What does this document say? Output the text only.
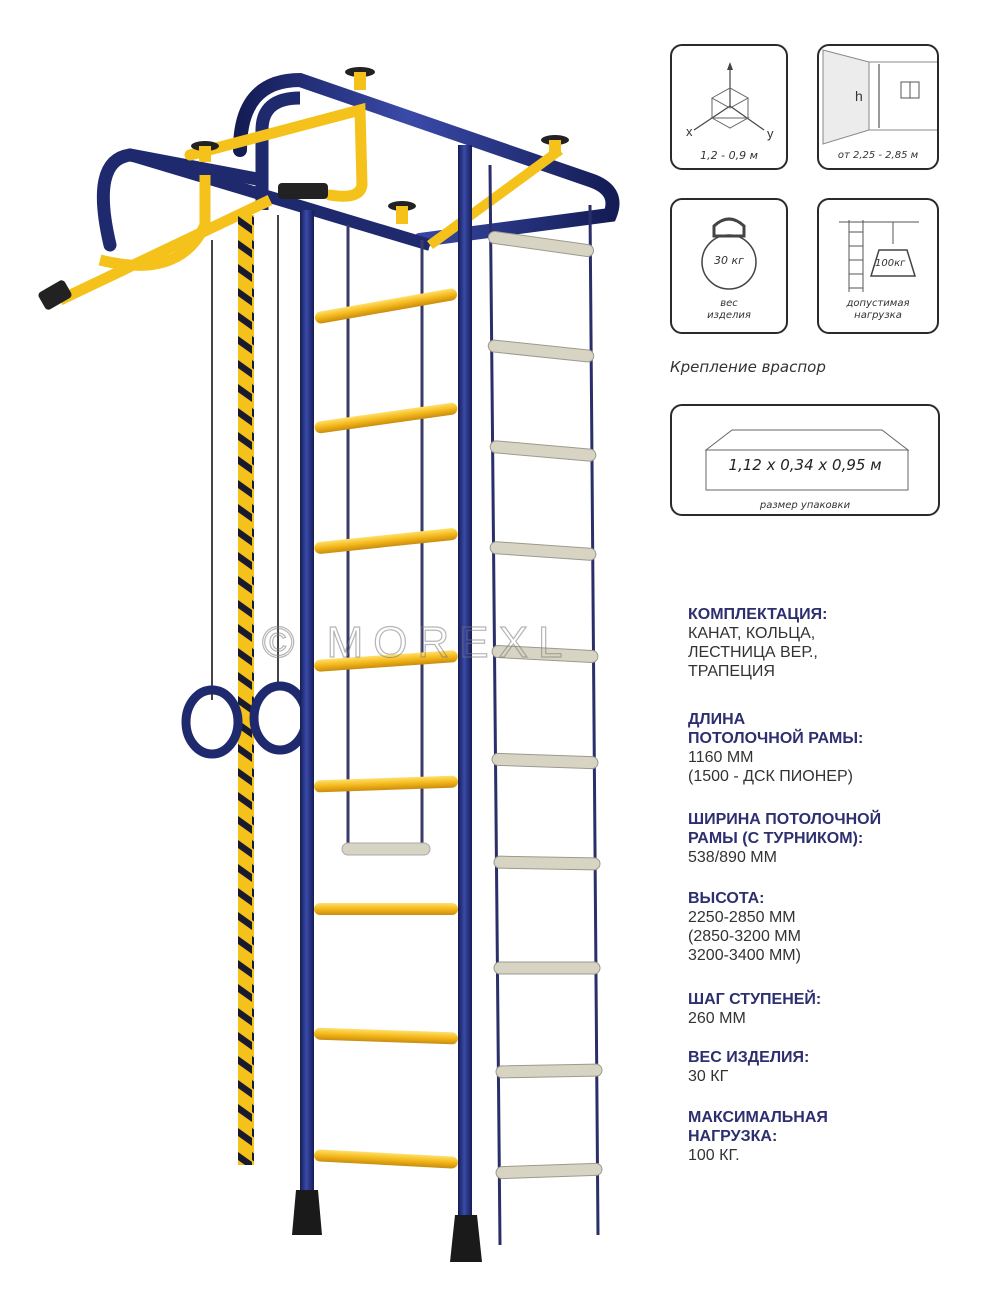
x	y
1,2 - 0,9 м
h
от 2,25 - 2,85 м
30 кг
вес
изделия
100кг
допустимая
нагрузка
Крепление враспор
1,12 х 0,34 х 0,95 м
размер упаковки
КОМПЛЕКТАЦИЯ:
КАНАТ, КОЛЬЦА,
ЛЕСТНИЦА ВЕР.,
ТРАПЕЦИЯ
ДЛИНА
ПОТОЛОЧНОЙ РАМЫ:
1160 ММ
(1500 - ДСК ПИОНЕР)
ШИРИНА ПОТОЛОЧНОЙ
РАМЫ (С ТУРНИКОМ):
538/890 ММ
ВЫСОТА:
2250-2850 ММ
(2850-3200 ММ
3200-3400 ММ)
ШАГ СТУПЕНЕЙ:
260 ММ
ВЕС ИЗДЕЛИЯ:
30 КГ
МАКСИМАЛЬНАЯ
НАГРУЗКА:
100 КГ.
© MOREXL
